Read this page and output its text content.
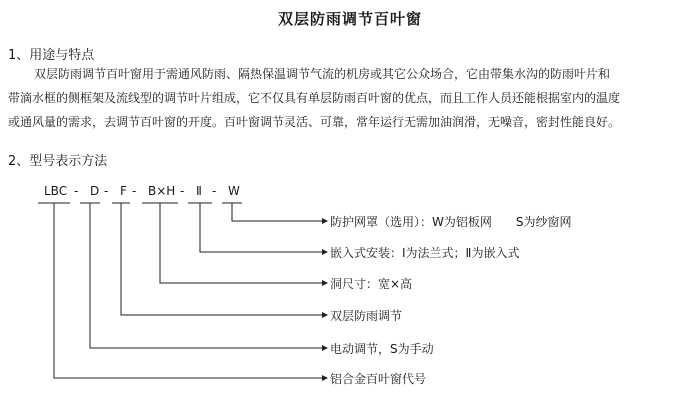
双层防雨调节百叶窗
1、用途与特点
双层防雨调节百叶窗用于需通风防雨、隔热保温调节气流的机房或其它公众场合，它由带集水沟的防雨叶片和
带滴水框的侧框架及流线型的调节叶片组成，它不仅具有单层防雨百叶窗的优点，而且工作人员还能根据室内的温度
或通风量的需求，去调节百叶窗的开度。百叶窗调节灵活、可靠，常年运行无需加油润滑，无噪音，密封性能良好。
2、型号表示方法
LBC - D - F - B×H - Ⅱ - W
防护网罩（选用）：W为铝板网　　S为纱窗网
嵌入式安装：Ⅰ为法兰式；Ⅱ为嵌入式
洞尺寸：宽×高
双层防雨调节
电动调节，S为手动
铝合金百叶窗代号
